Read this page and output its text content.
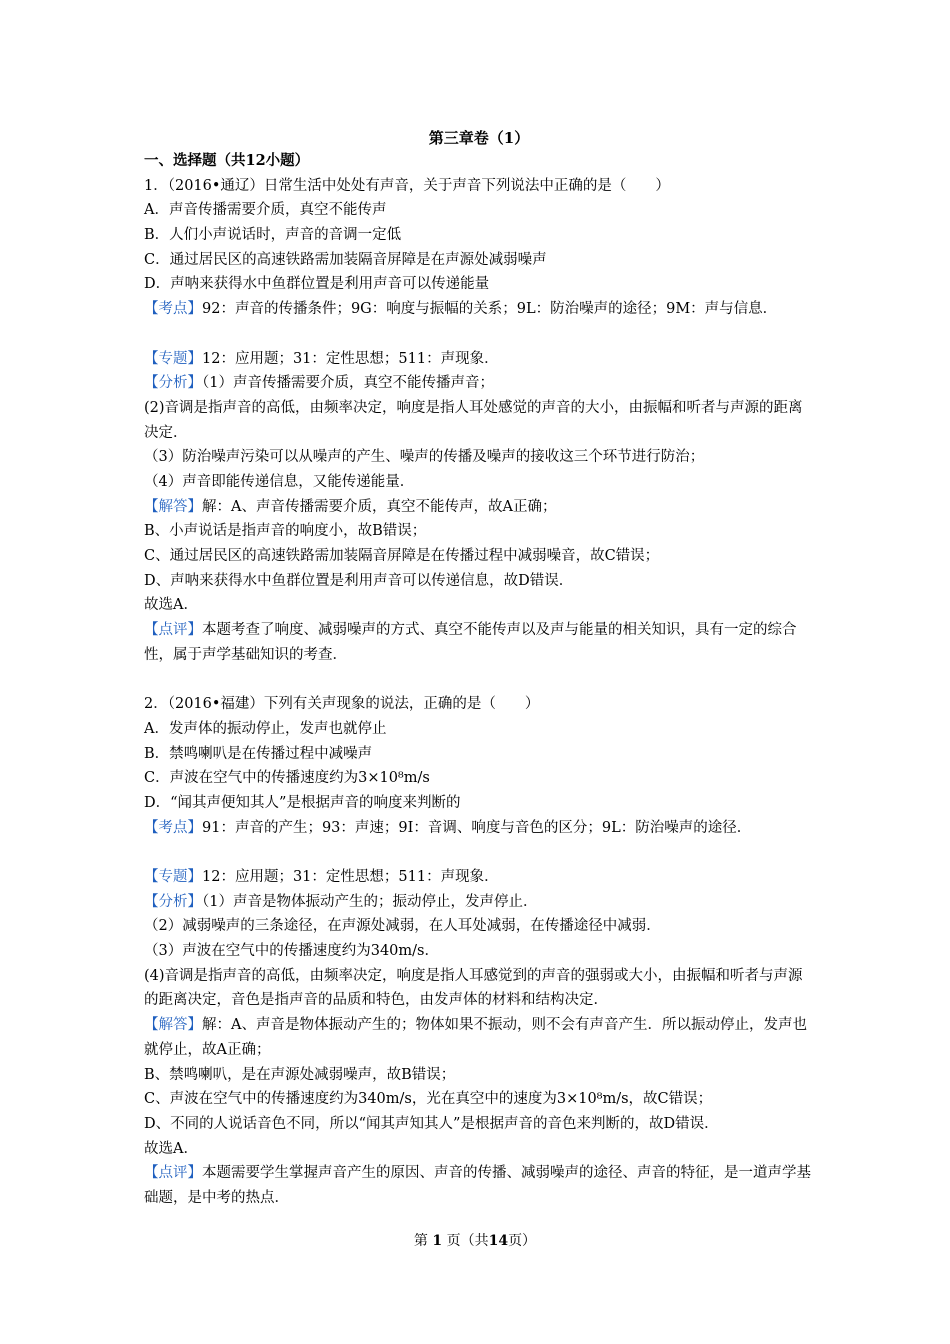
第三章卷（1）
一、选择题（共12小题）
1．（2016•通辽）日常生活中处处有声音，关于声音下列说法中正确的是（　　）
A．声音传播需要介质，真空不能传声
B．人们小声说话时，声音的音调一定低
C．通过居民区的高速铁路需加装隔音屏障是在声源处减弱噪声
D．声呐来获得水中鱼群位置是利用声音可以传递能量
【考点】92：声音的传播条件；9G：响度与振幅的关系；9L：防治噪声的途径；9M：声与信息．
【专题】12：应用题；31：定性思想；511：声现象．
【分析】（1）声音传播需要介质，真空不能传播声音；
(2)音调是指声音的高低，由频率决定，响度是指人耳处感觉的声音的大小，由振幅和听者与声源的距离决定．
（3）防治噪声污染可以从噪声的产生、噪声的传播及噪声的接收这三个环节进行防治；
（4）声音即能传递信息，又能传递能量．
【解答】解：A、声音传播需要介质，真空不能传声，故A正确；
B、小声说话是指声音的响度小，故B错误；
C、通过居民区的高速铁路需加装隔音屏障是在传播过程中减弱噪音，故C错误；
D、声呐来获得水中鱼群位置是利用声音可以传递信息，故D错误．
故选A．
【点评】本题考查了响度、减弱噪声的方式、真空不能传声以及声与能量的相关知识，具有一定的综合性，属于声学基础知识的考查．
2．（2016•福建）下列有关声现象的说法，正确的是（　　）
A．发声体的振动停止，发声也就停止
B．禁鸣喇叭是在传播过程中减噪声
C．声波在空气中的传播速度约为3×10⁸m/s
D．“闻其声便知其人”是根据声音的响度来判断的
【考点】91：声音的产生；93：声速；9I：音调、响度与音色的区分；9L：防治噪声的途径．
【专题】12：应用题；31：定性思想；511：声现象．
【分析】（1）声音是物体振动产生的；振动停止，发声停止．
（2）减弱噪声的三条途径，在声源处减弱，在人耳处减弱，在传播途径中减弱．
（3）声波在空气中的传播速度约为340m/s．
(4)音调是指声音的高低，由频率决定，响度是指人耳感觉到的声音的强弱或大小，由振幅和听者与声源的距离决定，音色是指声音的品质和特色，由发声体的材料和结构决定．
【解答】解：A、声音是物体振动产生的；物体如果不振动，则不会有声音产生．所以振动停止，发声也就停止，故A正确；
B、禁鸣喇叭，是在声源处减弱噪声，故B错误；
C、声波在空气中的传播速度约为340m/s，光在真空中的速度为3×10⁸m/s，故C错误；
D、不同的人说话音色不同，所以“闻其声知其人”是根据声音的音色来判断的，故D错误．
故选A．
【点评】本题需要学生掌握声音产生的原因、声音的传播、减弱噪声的途径、声音的特征，是一道声学基础题，是中考的热点．
第 1 页（共14页）
